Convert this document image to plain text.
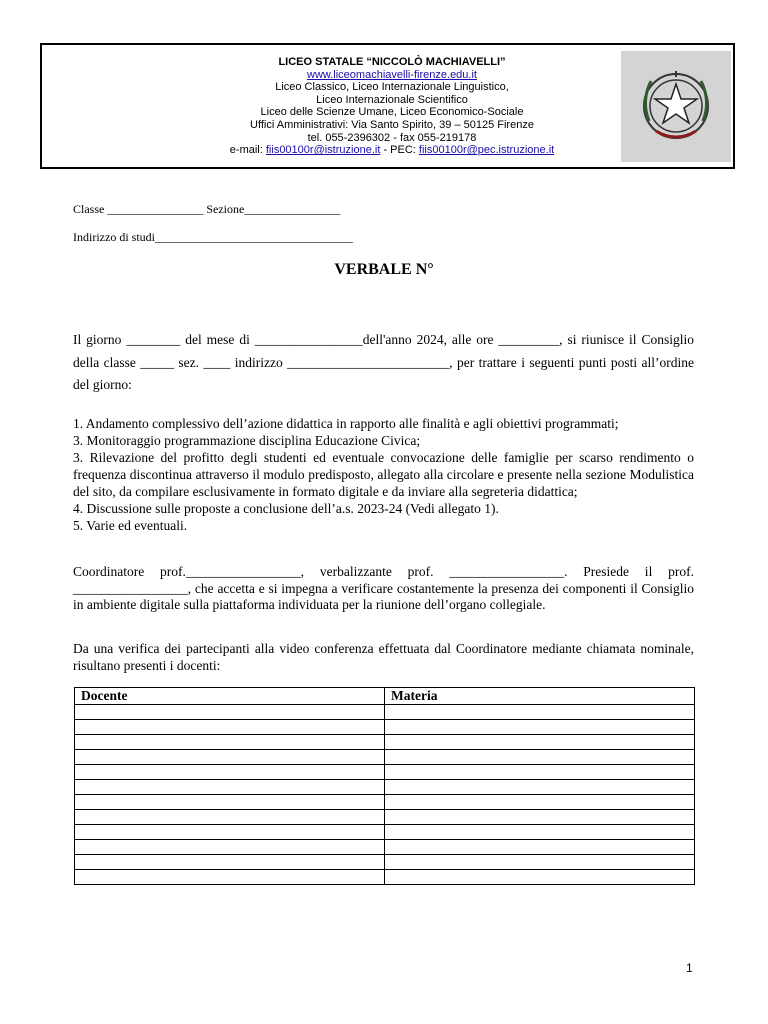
LICEO STATALE “NICCOLÒ MACHIAVELLI”
www.liceomachiavelli-firenze.edu.it
Liceo Classico, Liceo Internazionale Linguistico,
Liceo Internazionale Scientifico
Liceo delle Scienze Umane, Liceo Economico-Sociale
Uffici Amministrativi: Via Santo Spirito, 39 – 50125 Firenze
tel. 055-2396302 - fax 055-219178
e-mail: fiis00100r@istruzione.it - PEC: fiis00100r@pec.istruzione.it
Classe ________________ Sezione________________
Indirizzo di studi_________________________________
VERBALE N°
Il giorno ________ del mese di ________________dell'anno 2024, alle ore _________, si riunisce il Consiglio della classe _____ sez. ____ indirizzo ________________________, per trattare i seguenti punti posti all’ordine del giorno:
1. Andamento complessivo dell’azione didattica in rapporto alle finalità e agli obiettivi programmati;
3. Monitoraggio programmazione disciplina Educazione Civica;
3. Rilevazione del profitto degli studenti ed eventuale convocazione delle famiglie per scarso rendimento o frequenza discontinua attraverso il modulo predisposto, allegato alla circolare e presente nella sezione Modulistica del sito, da compilare esclusivamente in formato digitale e da inviare alla segreteria didattica;
4. Discussione sulle proposte a conclusione dell’a.s. 2023-24 (Vedi allegato 1).
5. Varie ed eventuali.
Coordinatore prof._________________, verbalizzante prof. _________________. Presiede il prof. _________________, che accetta e si impegna a verificare costantemente la presenza dei componenti il Consiglio in ambiente digitale sulla piattaforma individuata per la riunione dell’organo collegiale.
Da una verifica dei partecipanti alla video conferenza effettuata dal Coordinatore mediante chiamata nominale, risultano presenti i docenti:
Docente	Materia

1
